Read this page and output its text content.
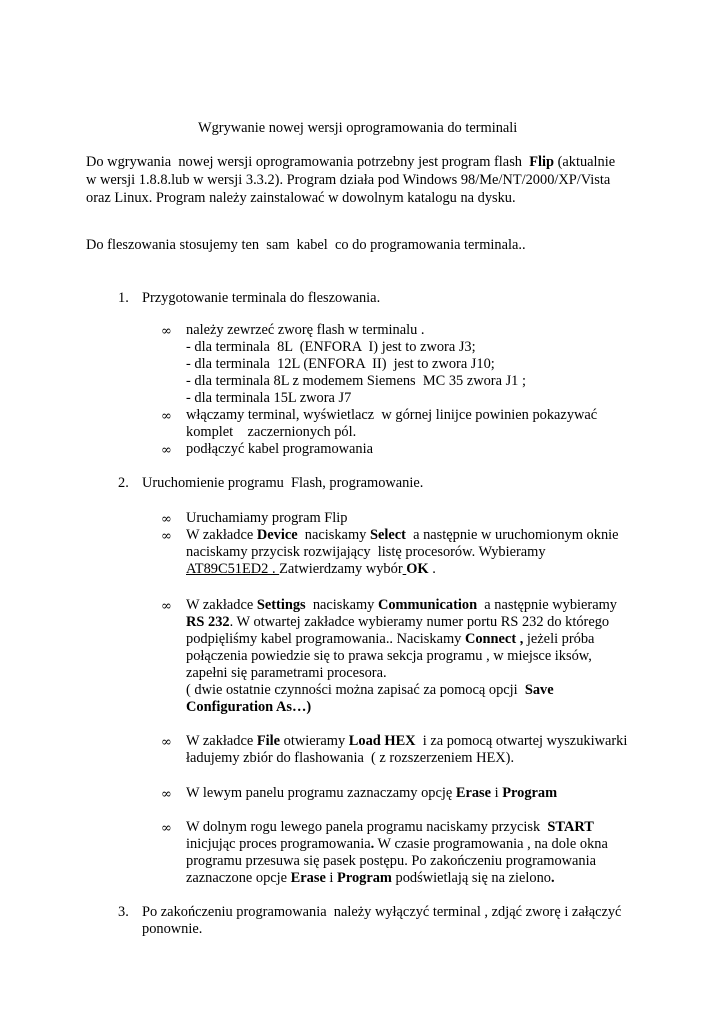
Wgrywanie nowej wersji oprogramowania do terminali
Do wgrywania  nowej wersji oprogramowania potrzebny jest program flash  Flip (aktualnie
w wersji 1.8.8.lub w wersji 3.3.2). Program działa pod Windows 98/Me/NT/2000/XP/Vista
oraz Linux. Program należy zainstalować w dowolnym katalogu na dysku.
Do fleszowania stosujemy ten  sam  kabel  co do programowania terminala..
1. Przygotowanie terminala do fleszowania.
∞ należy zewrzeć zworę flash w terminalu .
- dla terminala  8L  (ENFORA  I) jest to zwora J3;
- dla terminala  12L (ENFORA  II)  jest to zwora J10;
- dla terminala 8L z modemem Siemens  MC 35 zwora J1 ;
- dla terminala 15L zwora J7
∞ włączamy terminal, wyświetlacz  w górnej linijce powinien pokazywać
komplet    zaczernionych pól.
∞ podłączyć kabel programowania
2. Uruchomienie programu  Flash, programowanie.
∞ Uruchamiamy program Flip
∞ W zakładce Device  naciskamy Select  a następnie w uruchomionym oknie
naciskamy przycisk rozwijający  listę procesorów. Wybieramy
AT89C51ED2 . Zatwierdzamy wybór OK .
∞ W zakładce Settings  naciskamy Communication  a następnie wybieramy
RS 232. W otwartej zakładce wybieramy numer portu RS 232 do którego
podpięliśmy kabel programowania.. Naciskamy Connect , jeżeli próba
połączenia powiedzie się to prawa sekcja programu , w miejsce iksów,
zapełni się parametrami procesora.
( dwie ostatnie czynności można zapisać za pomocą opcji  Save
Configuration As…)
∞ W zakładce File otwieramy Load HEX  i za pomocą otwartej wyszukiwarki
ładujemy zbiór do flashowania  ( z rozszerzeniem HEX).
∞ W lewym panelu programu zaznaczamy opcję Erase i Program
∞ W dolnym rogu lewego panela programu naciskamy przycisk  START
inicjując proces programowania. W czasie programowania , na dole okna
programu przesuwa się pasek postępu. Po zakończeniu programowania
zaznaczone opcje Erase i Program podświetlają się na zielono.
3. Po zakończeniu programowania  należy wyłączyć terminal , zdjąć zworę i załączyć
ponownie.
